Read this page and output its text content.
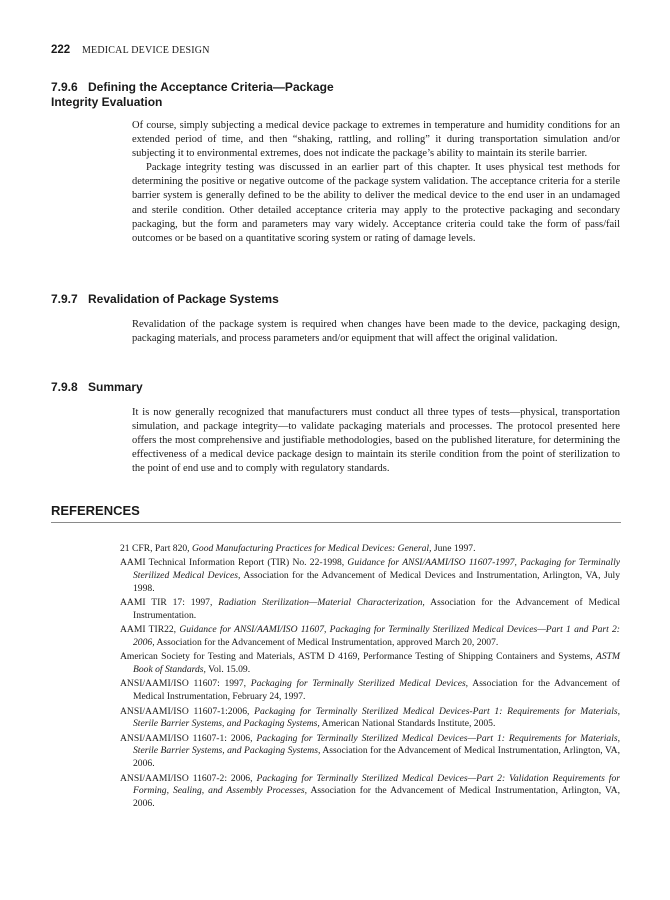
222 MEDICAL DEVICE DESIGN
7.9.6 Defining the Acceptance Criteria—Package
Integrity Evaluation
Of course, simply subjecting a medical device package to extremes in temperature and humidity conditions for an extended period of time, and then “shaking, rattling, and rolling” it during transportation simulation and/or subjecting it to environmental extremes, does not indicate the package’s ability to maintain its sterile barrier.
Package integrity testing was discussed in an earlier part of this chapter. It uses physical test methods for determining the positive or negative outcome of the package system validation. The acceptance criteria for a sterile barrier system is generally defined to be the ability to deliver the medical device to the end user in an undamaged and sterile condition. Other detailed acceptance criteria may apply to the protective packaging and secondary packaging, but the form and parameters may vary widely. Acceptance criteria could take the form of pass/fail outcomes or be based on a quantitative scoring system or rating of damage levels.
7.9.7 Revalidation of Package Systems
Revalidation of the package system is required when changes have been made to the device, packaging design, packaging materials, and process parameters and/or equipment that will affect the original validation.
7.9.8 Summary
It is now generally recognized that manufacturers must conduct all three types of tests—physical, transportation simulation, and package integrity—to validate packaging materials and processes. The protocol presented here offers the most comprehensive and justifiable methodologies, based on the published literature, for determining the effectiveness of a medical device package design to maintain its sterile condition from the point of sterilization to the point of end use and to comply with regulatory standards.
REFERENCES
21 CFR, Part 820, Good Manufacturing Practices for Medical Devices: General, June 1997.
AAMI Technical Information Report (TIR) No. 22-1998, Guidance for ANSI/AAMI/ISO 11607-1997, Packaging for Terminally Sterilized Medical Devices, Association for the Advancement of Medical Devices and Instrumentation, Arlington, VA, July 1998.
AAMI TIR 17: 1997, Radiation Sterilization—Material Characterization, Association for the Advancement of Medical Instrumentation.
AAMI TIR22, Guidance for ANSI/AAMI/ISO 11607, Packaging for Terminally Sterilized Medical Devices—Part 1 and Part 2: 2006, Association for the Advancement of Medical Instrumentation, approved March 20, 2007.
American Society for Testing and Materials, ASTM D 4169, Performance Testing of Shipping Containers and Systems, ASTM Book of Standards, Vol. 15.09.
ANSI/AAMI/ISO 11607: 1997, Packaging for Terminally Sterilized Medical Devices, Association for the Advancement of Medical Instrumentation, February 24, 1997.
ANSI/AAMI/ISO 11607-1:2006, Packaging for Terminally Sterilized Medical Devices-Part 1: Requirements for Materials, Sterile Barrier Systems, and Packaging Systems, American National Standards Institute, 2005.
ANSI/AAMI/ISO 11607-1: 2006, Packaging for Terminally Sterilized Medical Devices—Part 1: Requirements for Materials, Sterile Barrier Systems, and Packaging Systems, Association for the Advancement of Medical Instrumentation, Arlington, VA, 2006.
ANSI/AAMI/ISO 11607-2: 2006, Packaging for Terminally Sterilized Medical Devices—Part 2: Validation Requirements for Forming, Sealing, and Assembly Processes, Association for the Advancement of Medical Instrumentation, Arlington, VA, 2006.
